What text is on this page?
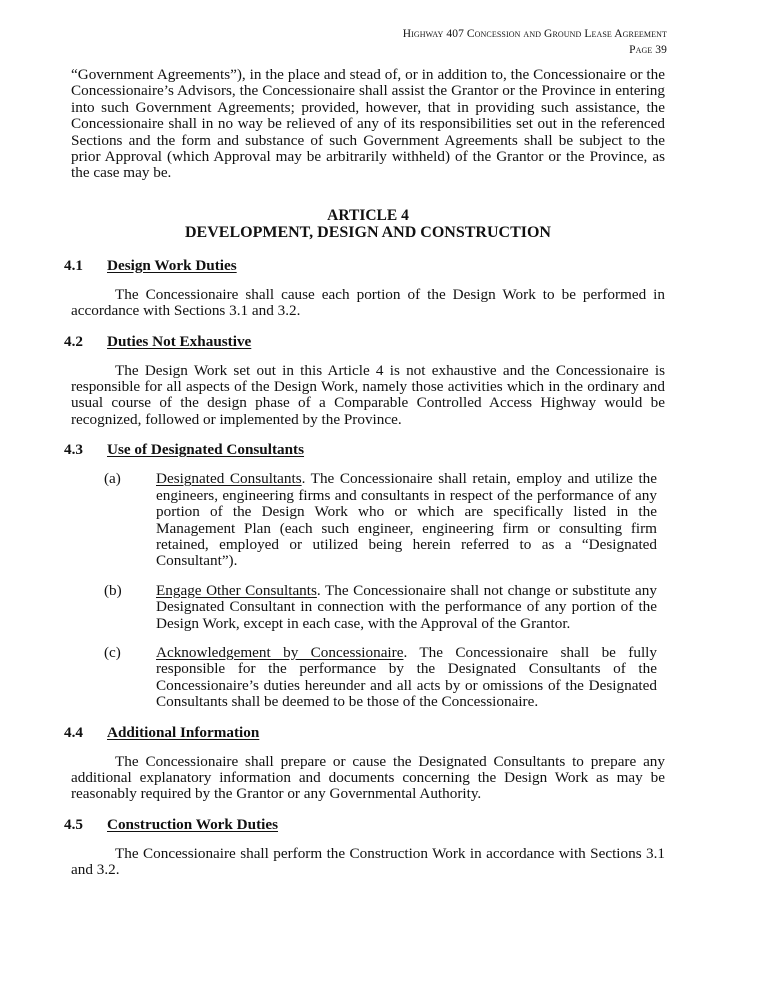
Highway 407 Concession and Ground Lease Agreement
Page 39

“Government Agreements”), in the place and stead of, or in addition to, the Concessionaire or the Concessionaire’s Advisors, the Concessionaire shall assist the Grantor or the Province in entering into such Government Agreements; provided, however, that in providing such assistance, the Concessionaire shall in no way be relieved of any of its responsibilities set out in the referenced Sections and the form and substance of such Government Agreements shall be subject to the prior Approval (which Approval may be arbitrarily withheld) of the Grantor or the Province, as the case may be.

ARTICLE 4
DEVELOPMENT, DESIGN AND CONSTRUCTION
4.1	Design Work Duties

The Concessionaire shall cause each portion of the Design Work to be performed in accordance with Sections 3.1 and 3.2.

4.2	Duties Not Exhaustive

The Design Work set out in this Article 4 is not exhaustive and the Concessionaire is responsible for all aspects of the Design Work, namely those activities which in the ordinary and usual course of the design phase of a Comparable Controlled Access Highway would be recognized, followed or implemented by the Province.

4.3	Use of Designated Consultants
(a)	Designated Consultants. The Concessionaire shall retain, employ and utilize the engineers, engineering firms and consultants in respect of the performance of any portion of the Design Work who or which are specifically listed in the Management Plan (each such engineer, engineering firm or consulting firm retained, employed or utilized being herein referred to as a “Designated Consultant”).
(b)	Engage Other Consultants. The Concessionaire shall not change or substitute any Designated Consultant in connection with the performance of any portion of the Design Work, except in each case, with the Approval of the Grantor.
(c)	Acknowledgement by Concessionaire. The Concessionaire shall be fully responsible for the performance by the Designated Consultants of the Concessionaire’s duties hereunder and all acts by or omissions of the Designated Consultants shall be deemed to be those of the Concessionaire.
4.4	Additional Information

The Concessionaire shall prepare or cause the Designated Consultants to prepare any additional explanatory information and documents concerning the Design Work as may be reasonably required by the Grantor or any Governmental Authority.

4.5	Construction Work Duties

The Concessionaire shall perform the Construction Work in accordance with Sections 3.1 and 3.2.
